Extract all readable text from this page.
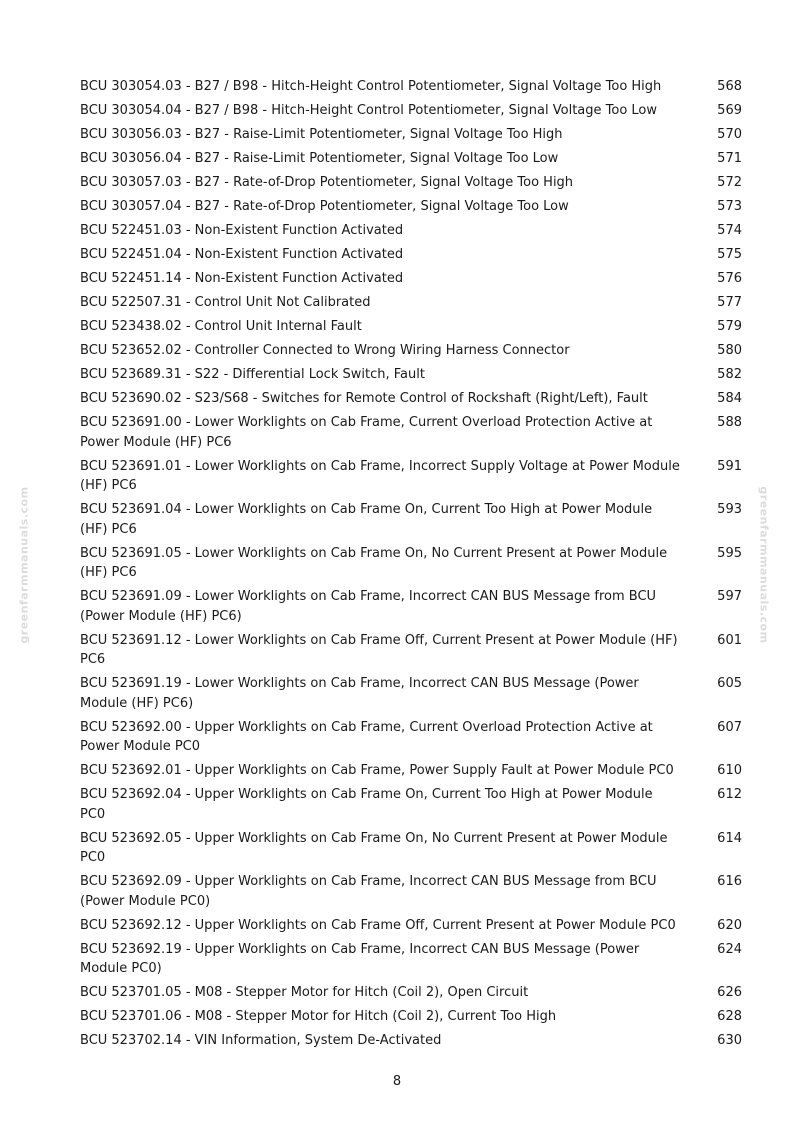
greenfarmmanuals.com	greenfarmmanuals.com
BCU 303054.03 - B27 / B98 - Hitch-Height Control Potentiometer, Signal Voltage Too High	568
BCU 303054.04 - B27 / B98 - Hitch-Height Control Potentiometer, Signal Voltage Too Low	569
BCU 303056.03 - B27 - Raise-Limit Potentiometer, Signal Voltage Too High	570
BCU 303056.04 - B27 - Raise-Limit Potentiometer, Signal Voltage Too Low	571
BCU 303057.03 - B27 - Rate-of-Drop Potentiometer, Signal Voltage Too High	572
BCU 303057.04 - B27 - Rate-of-Drop Potentiometer, Signal Voltage Too Low	573
BCU 522451.03 - Non-Existent Function Activated	574
BCU 522451.04 - Non-Existent Function Activated	575
BCU 522451.14 - Non-Existent Function Activated	576
BCU 522507.31 - Control Unit Not Calibrated	577
BCU 523438.02 - Control Unit Internal Fault	579
BCU 523652.02 - Controller Connected to Wrong Wiring Harness Connector	580
BCU 523689.31 - S22 - Differential Lock Switch, Fault	582
BCU 523690.02 - S23/S68 - Switches for Remote Control of Rockshaft (Right/Left), Fault	584
BCU 523691.00 - Lower Worklights on Cab Frame, Current Overload Protection Active at Power Module (HF) PC6
588
BCU 523691.01 - Lower Worklights on Cab Frame, Incorrect Supply Voltage at Power Module (HF) PC6
591
BCU 523691.04 - Lower Worklights on Cab Frame On, Current Too High at Power Module (HF) PC6
593
BCU 523691.05 - Lower Worklights on Cab Frame On, No Current Present at Power Module (HF) PC6
595
BCU 523691.09 - Lower Worklights on Cab Frame, Incorrect CAN BUS Message from BCU (Power Module (HF) PC6)
597
BCU 523691.12 - Lower Worklights on Cab Frame Off, Current Present at Power Module (HF) PC6
601
BCU 523691.19 - Lower Worklights on Cab Frame, Incorrect CAN BUS Message (Power Module (HF) PC6)
605
BCU 523692.00 - Upper Worklights on Cab Frame, Current Overload Protection Active at Power Module PC0
607
BCU 523692.01 - Upper Worklights on Cab Frame, Power Supply Fault at Power Module PC0	610
BCU 523692.04 - Upper Worklights on Cab Frame On, Current Too High at Power Module PC0
612
BCU 523692.05 - Upper Worklights on Cab Frame On, No Current Present at Power Module PC0
614
BCU 523692.09 - Upper Worklights on Cab Frame, Incorrect CAN BUS Message from BCU (Power Module PC0)
616
BCU 523692.12 - Upper Worklights on Cab Frame Off, Current Present at Power Module PC0	620
BCU 523692.19 - Upper Worklights on Cab Frame, Incorrect CAN BUS Message (Power Module PC0)
624
BCU 523701.05 - M08 - Stepper Motor for Hitch (Coil 2), Open Circuit	626
BCU 523701.06 - M08 - Stepper Motor for Hitch (Coil 2), Current Too High	628
BCU 523702.14 - VIN Information, System De-Activated	630
8
